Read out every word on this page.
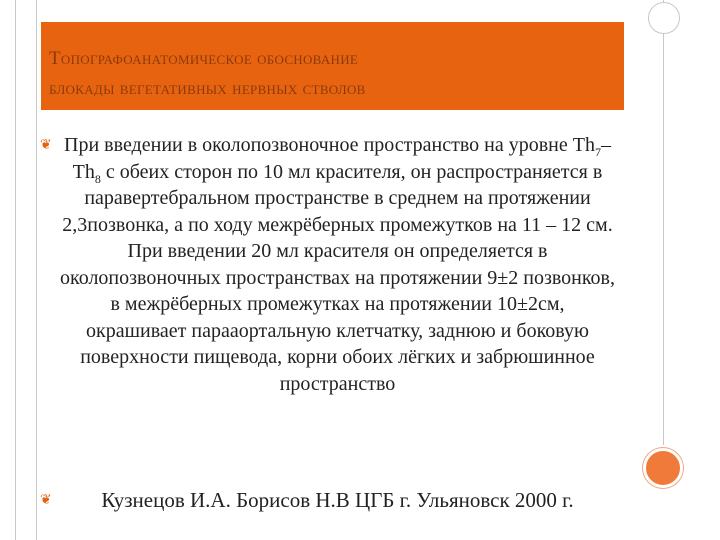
Топографоанатомическое обоснование
блокады вегетативных нервных стволов
❦ При введении в околопозвоночное пространство на уровне $Th_7-Th_8$ с обеих сторон по 10 мл красителя, он распространяется в паравертебральном пространстве в среднем на протяжении 2,3позвонка, а по ходу межрёберных промежутков на 11 – 12 см. При введении 20 мл красителя он определяется в околопозвоночных пространствах на протяжении 9±2 позвонков, в межрёберных промежутках на протяжении 10±2см, окрашивает парааортальную клетчатку, заднюю и боковую поверхности пищевода, корни обоих лёгких и забрюшинное пространство
❦	Кузнецов И.А. Борисов Н.В ЦГБ г. Ульяновск 2000 г.
